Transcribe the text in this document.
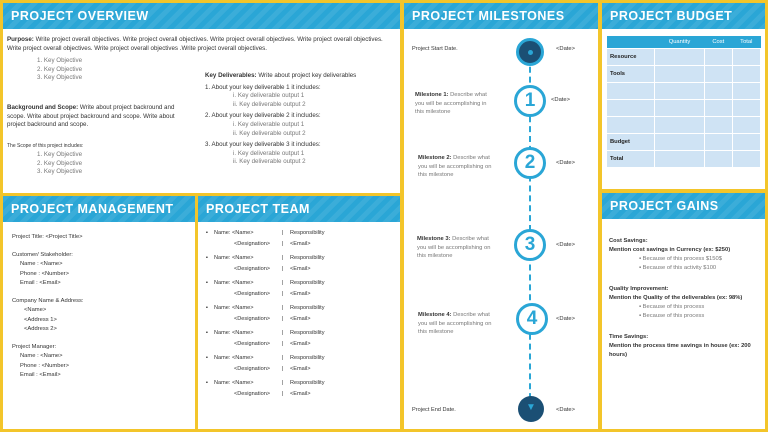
PROJECT OVERVIEW
Purpose: Write project overall objectives. Write project overall objectives. Write project overall objectives. Write project overall objectives. Write project overall objectives. Write project overall objectives .Write project overall objectives.
1. Key Objective
2. Key Objective
3. Key Objective
Background and Scope: Write about project backround and scope. Write about project backround and scope. Write about project backround and scope.
The Scope of this project includes:
1. Key Objective
2. Key Objective
3. Key Objective
Key Deliverables: Write about project key deliverables
1. About your key deliverable 1 it includes:
i. Key deliverable output 1
ii. Key deliverable output 2
2. About your key deliverable 2 it includes:
i. Key deliverable output 1
ii. Key deliverable output 2
3. About your key deliverable 3 it includes:
i. Key deliverable output 1
ii. Key deliverable output 2
PROJECT MANAGEMENT
Project Title: <Project Title>
Customer/ Stakeholder:
Name : <Name>
Phone : <Number>
Email : <Email>
Company Name & Address:
<Name>
<Address 1>
<Address 2>
Project Manager:
Name : <Name>
Phone : <Number>
Email : <Email>
PROJECT TEAM
▪ Name: <Name>	| Responsibility
<Designation> | <Email>
▪ Name: <Name>	| Responsibility
<Designation> | <Email>
▪ Name: <Name>	| Responsibility
<Designation> | <Email>
▪ Name: <Name>	| Responsibility
<Designation> | <Email>
▪ Name: <Name>	| Responsibility
<Designation> | <Email>
▪ Name: <Name>	| Responsibility
<Designation> | <Email>
▪ Name: <Name>	| Responsibility
<Designation> | <Email>
PROJECT MILESTONES
Project Start Date.	<Date>
Milestone 1: Describe what you will be accomplishing in this milestone
1	<Date>
Milestone 2: Describe what you will be accomplishing on this milestone
2	<Date>
Milestone 3: Describe what you will be accomplishing on this milestone
3	<Date>
Milestone 4: Describe what you will be accomplishing on this milestone
4	<Date>
Project End Date.	▼	<Date>
PROJECT BUDGET
	Quantity	Cost	Total
Resource			
Tools			

Budget			
Total			
PROJECT GAINS
Cost Savings:
Mention cost savings in Currency (ex: $250)
▪ Because of this process $150$
▪ Because of this activity $100
Quality Improvement:
Mention the Quality of the deliverables (ex: 98%)
▪ Because of this process
▪ Because of this process
Time Savings:
Mention the process time savings in house (ex: 200 hours)
